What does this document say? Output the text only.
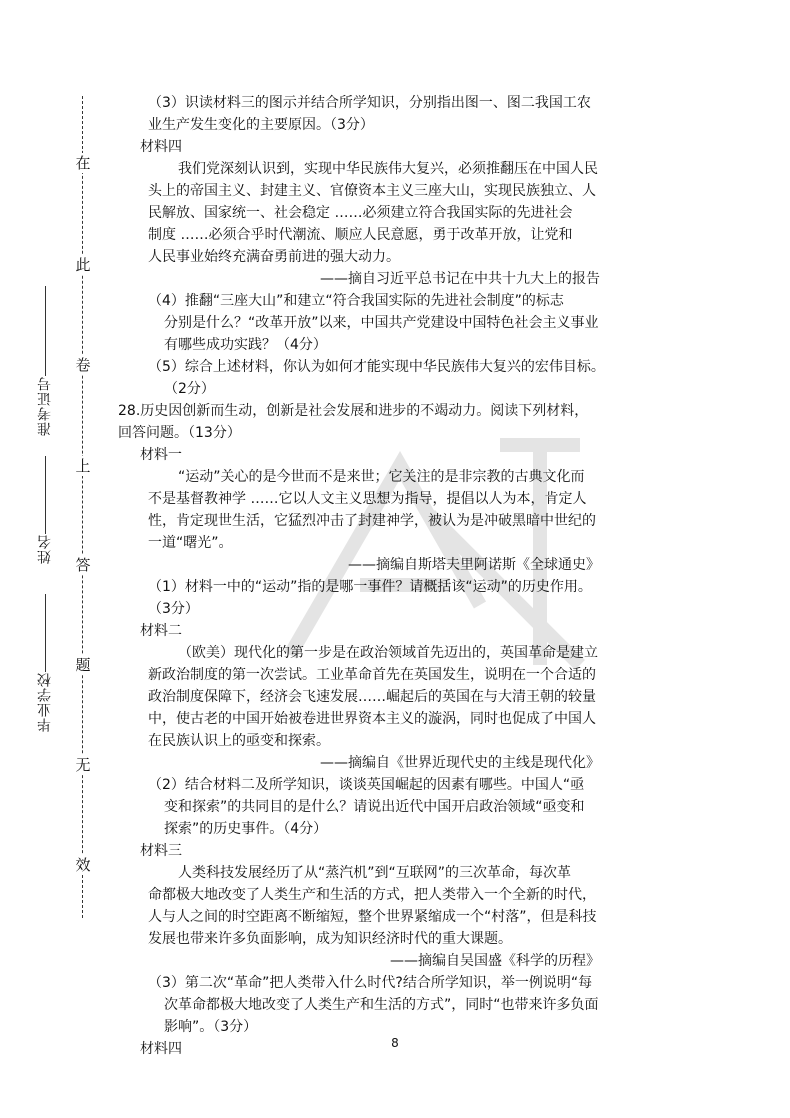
在
此
卷
上
答
题
无
效
准考证号
姓名
毕业学校
（3）识读材料三的图示并结合所学知识，分别指出图一、图二我国工农
业生产发生变化的主要原因。（3分）
材料四
我们党深刻认识到，实现中华民族伟大复兴，必须推翻压在中国人民
头上的帝国主义、封建主义、官僚资本主义三座大山，实现民族独立、人
民解放、国家统一、社会稳定 ……必须建立符合我国实际的先进社会
制度 ……必须合乎时代潮流、顺应人民意愿，勇于改革开放，让党和
人民事业始终充满奋勇前进的强大动力。
——摘自习近平总书记在中共十九大上的报告
（4）推翻“三座大山”和建立“符合我国实际的先进社会制度”的标志
分别是什么？“改革开放”以来，中国共产党建设中国特色社会主义事业
有哪些成功实践？（4分）
（5）综合上述材料，你认为如何才能实现中华民族伟大复兴的宏伟目标。
（2分）
28.历史因创新而生动，创新是社会发展和进步的不竭动力。阅读下列材料，
回答问题。（13分）
材料一
“运动”关心的是今世而不是来世；它关注的是非宗教的古典文化而
不是基督教神学 ……它以人文主义思想为指导，提倡以人为本，肯定人
性，肯定现世生活，它猛烈冲击了封建神学，被认为是冲破黑暗中世纪的
一道“曙光”。
——摘编自斯塔夫里阿诺斯《全球通史》
（1）材料一中的“运动”指的是哪一事件？请概括该“运动”的历史作用。
（3分）
材料二
（欧美）现代化的第一步是在政治领域首先迈出的，英国革命是建立
新政治制度的第一次尝试。工业革命首先在英国发生，说明在一个合适的
政治制度保障下，经济会飞速发展……崛起后的英国在与大清王朝的较量
中，使古老的中国开始被卷进世界资本主义的漩涡，同时也促成了中国人
在民族认识上的亟变和探索。
——摘编自《世界近现代史的主线是现代化》
（2）结合材料二及所学知识，谈谈英国崛起的因素有哪些。中国人“亟
变和探索”的共同目的是什么？请说出近代中国开启政治领域“亟变和
探索”的历史事件。（4分）
材料三
人类科技发展经历了从“蒸汽机”到“互联网”的三次革命，每次革
命都极大地改变了人类生产和生活的方式，把人类带入一个全新的时代，
人与人之间的时空距离不断缩短，整个世界紧缩成一个“村落”，但是科技
发展也带来许多负面影响，成为知识经济时代的重大课题。
——摘编自吴国盛《科学的历程》
（3）第二次“革命”把人类带入什么时代?结合所学知识，举一例说明“每
次革命都极大地改变了人类生产和生活的方式”，同时“也带来许多负面
影响”。（3分）
材料四	8
